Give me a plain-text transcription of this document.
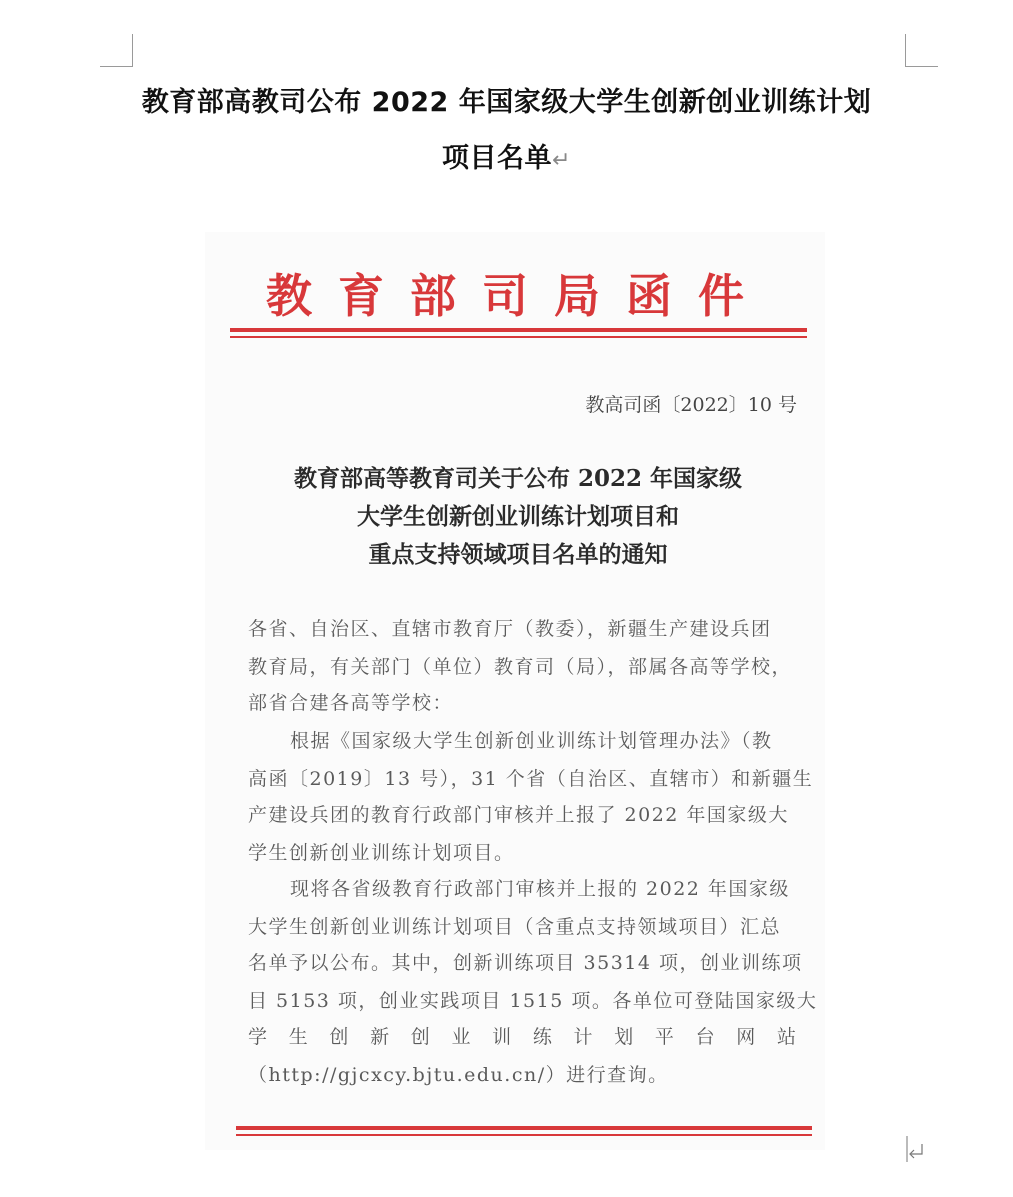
教育部高教司公布 2022 年国家级大学生创新创业训练计划
项目名单↵
教育部司局函件
教高司函〔2022〕10 号
教育部高等教育司关于公布 2022 年国家级
大学生创新创业训练计划项目和
重点支持领域项目名单的通知
各省、自治区、直辖市教育厅（教委），新疆生产建设兵团
教育局，有关部门（单位）教育司（局），部属各高等学校，
部省合建各高等学校：
根据《国家级大学生创新创业训练计划管理办法》（教
高函〔2019〕13 号），31 个省（自治区、直辖市）和新疆生
产建设兵团的教育行政部门审核并上报了 2022 年国家级大
学生创新创业训练计划项目。
现将各省级教育行政部门审核并上报的 2022 年国家级
大学生创新创业训练计划项目（含重点支持领域项目）汇总
名单予以公布。其中，创新训练项目 35314 项，创业训练项
目 5153 项，创业实践项目 1515 项。各单位可登陆国家级大
学 生 创 新 创 业 训 练 计 划 平 台 网 站
（http://gjcxcy.bjtu.edu.cn/）进行查询。
